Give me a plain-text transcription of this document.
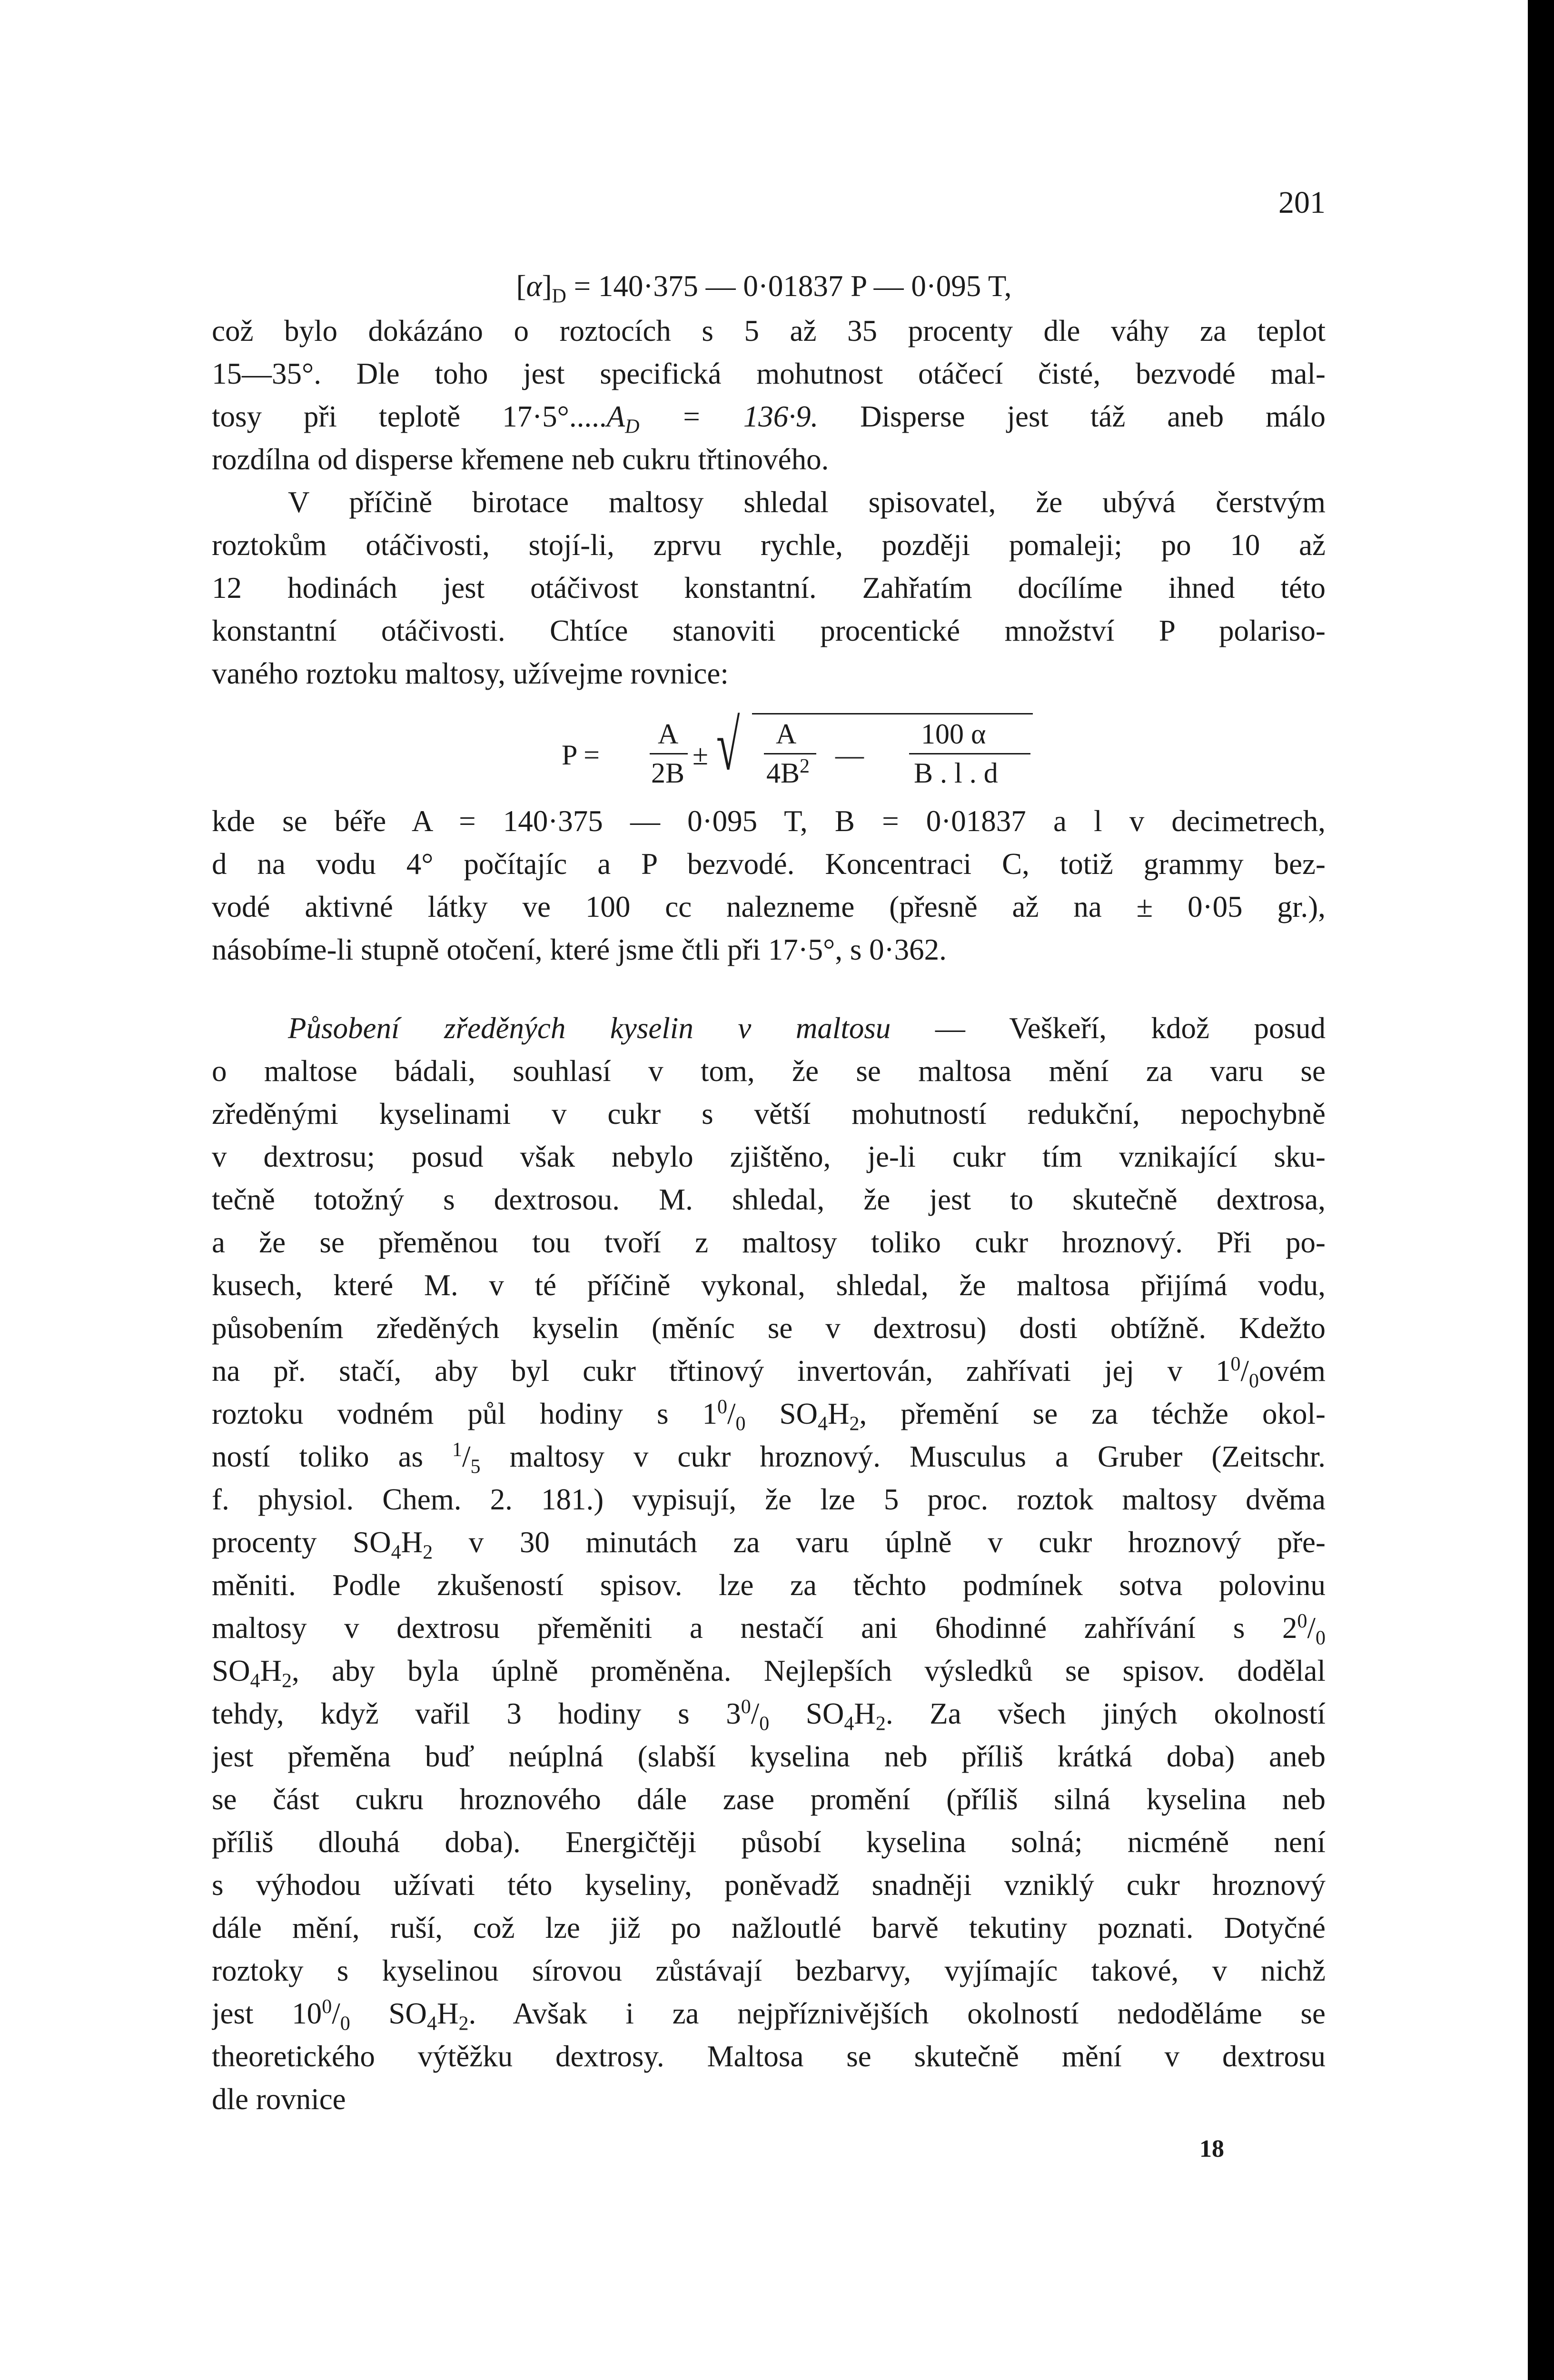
201
$[\alpha]_D = 140\cdot 375$ — 0·01837 P — 0·095 T,
což bylo dokázáno o roztocích s 5 až 35 procenty dle váhy za teplot
15—35°. Dle toho jest specifická mohutnost otáčecí čisté, bezvodé mal-
tosy při teplotě $17\cdot 5^\circ.....A_D = 136\cdot 9$. Disperse jest táž aneb málo
rozdílna od disperse křemene neb cukru třtinového.
V příčině birotace maltosy shledal spisovatel, že ubývá čerstvým
roztokům otáčivosti, stojí-li, zprvu rychle, později pomaleji; po 10 až
12 hodinách jest otáčivost konstantní. Zahřatím docílíme ihned této
konstantní otáčivosti. Chtíce stanoviti procentické množství P polariso-
vaného roztoku maltosy, užívejme rovnice:
P =
A
2B
± √ A
$4B^2$ —
100 α
B . l . d
kde se béře A = 140·375 — 0·095 T, B = 0·01837 a l v decimetrech,
d na vodu 4° počítajíc a P bezvodé. Koncentraci C, totiž grammy bez-
vodé aktivné látky ve 100 cc nalezneme (přesně až na ± 0·05 gr.),
násobíme-li stupně otočení, které jsme čtli při 17·5°, s 0·362.
Působení zředěných kyselin v maltosu — Veškeří, kdož posud
o maltose bádali, souhlasí v tom, že se maltosa mění za varu se
zředěnými kyselinami v cukr s větší mohutností redukční, nepochybně
v dextrosu; posud však nebylo zjištěno, je-li cukr tím vznikající sku-
tečně totožný s dextrosou. M. shledal, že jest to skutečně dextrosa,
a že se přeměnou tou tvoří z maltosy toliko cukr hroznový. Při po-
kusech, které M. v té příčině vykonal, shledal, že maltosa přijímá vodu,
působením zředěných kyselin (měníc se v dextrosu) dosti obtížně. Kdežto
na př. stačí, aby byl cukr třtinový invertován, zahřívati jej v $1^0/_0ovém$
roztoku vodném půl hodiny s $1^0/_0$ $SO_4H_2$, přemění se za téchže okol-
ností toliko as $^1/_5$ maltosy v cukr hroznový. Musculus a Gruber (Zeitschr.
f. physiol. Chem. 2. 181.) vypisují, že lze 5 proc. roztok maltosy dvěma
procenty $SO_4H_2$ v 30 minutách za varu úplně v cukr hroznový pře-
měniti. Podle zkušeností spisov. lze za těchto podmínek sotva polovinu
maltosy v dextrosu přeměniti a nestačí ani 6hodinné zahřívání s $2^0/_0$
$SO_4H_2$, aby byla úplně proměněna. Nejlepších výsledků se spisov. dodělal
tehdy, když vařil 3 hodiny s $3^0/_0$ $SO_4H_2$. Za všech jiných okolností
jest přeměna buď neúplná (slabší kyselina neb příliš krátká doba) aneb
se část cukru hroznového dále zase promění (příliš silná kyselina neb
příliš dlouhá doba). Energičtěji působí kyselina solná; nicméně není
s výhodou užívati této kyseliny, poněvadž snadněji vzniklý cukr hroznový
dále mění, ruší, což lze již po nažloutlé barvě tekutiny poznati. Dotyčné
roztoky s kyselinou sírovou zůstávají bezbarvy, vyjímajíc takové, v nichž
jest $10^0/_0$ $SO_4H_2$. Avšak i za nejpříznivějších okolností nedoděláme se
theoretického výtěžku dextrosy. Maltosa se skutečně mění v dextrosu
dle rovnice
18
